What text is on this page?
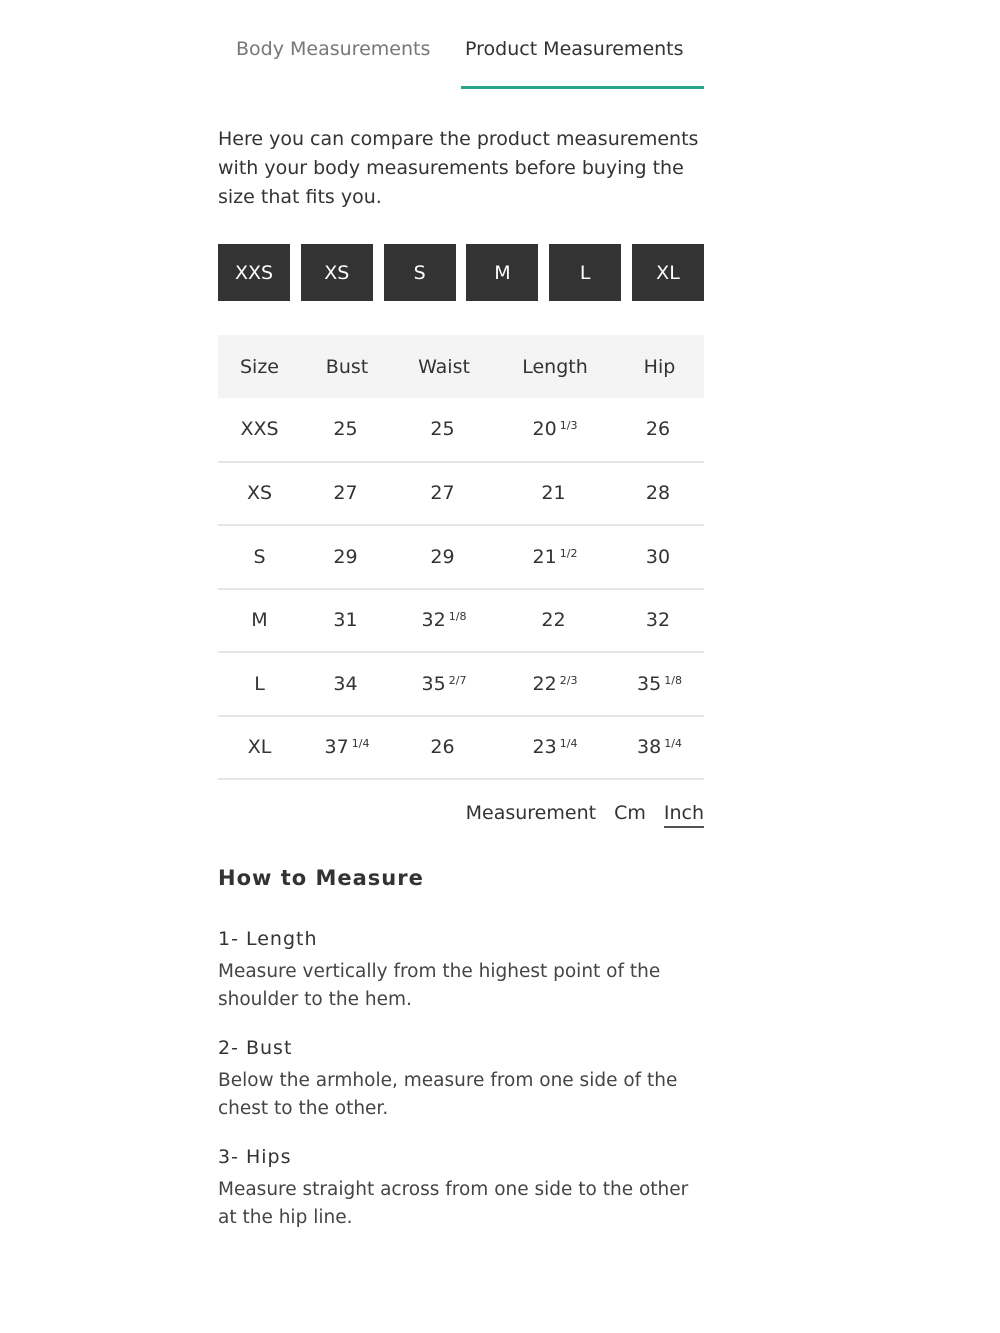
Body Measurements Product Measurements

Here you can compare the product measurements with your body measurements before buying the size that fits you.

XXS	XS	S	M	L	XL
Size	Bust	Waist	Length	Hip
XXS	25	25	20 $^{1/3}$	26
XS	27	27	21	28
S	29	29	21 $^{1/2}$	30
M	31	32 $^{1/8}$	22	32
L	34	35 $^{2/7}$	22 $^{2/3}$	35 $^{1/8}$
XL	37 $^{1/4}$	26	23 $^{1/4}$	38 $^{1/4}$
Measurement Cm Inch
How to Measure
1- Length
Measure vertically from the highest point of the shoulder to the hem.
2- Bust
Below the armhole, measure from one side of the chest to the other.
3- Hips
Measure straight across from one side to the other at the hip line.
